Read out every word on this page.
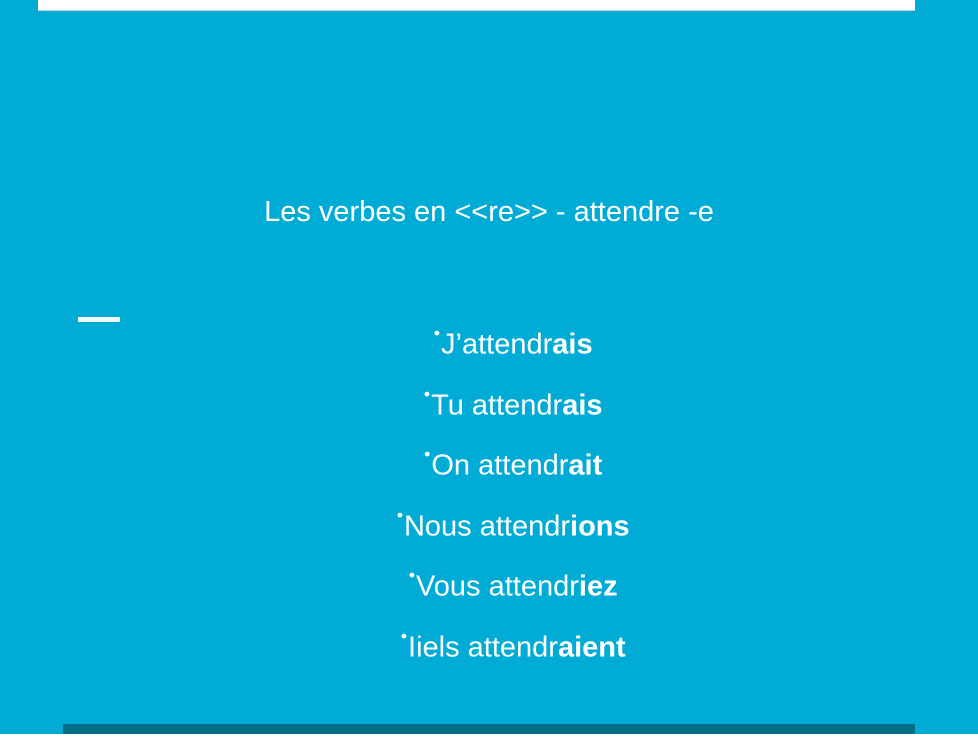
Les verbes en <<re>> - attendre -e

•J’attendrais

•Tu attendrais

•On attendrait

•Nous attendrions

•Vous attendriez

•Iiels attendraient
